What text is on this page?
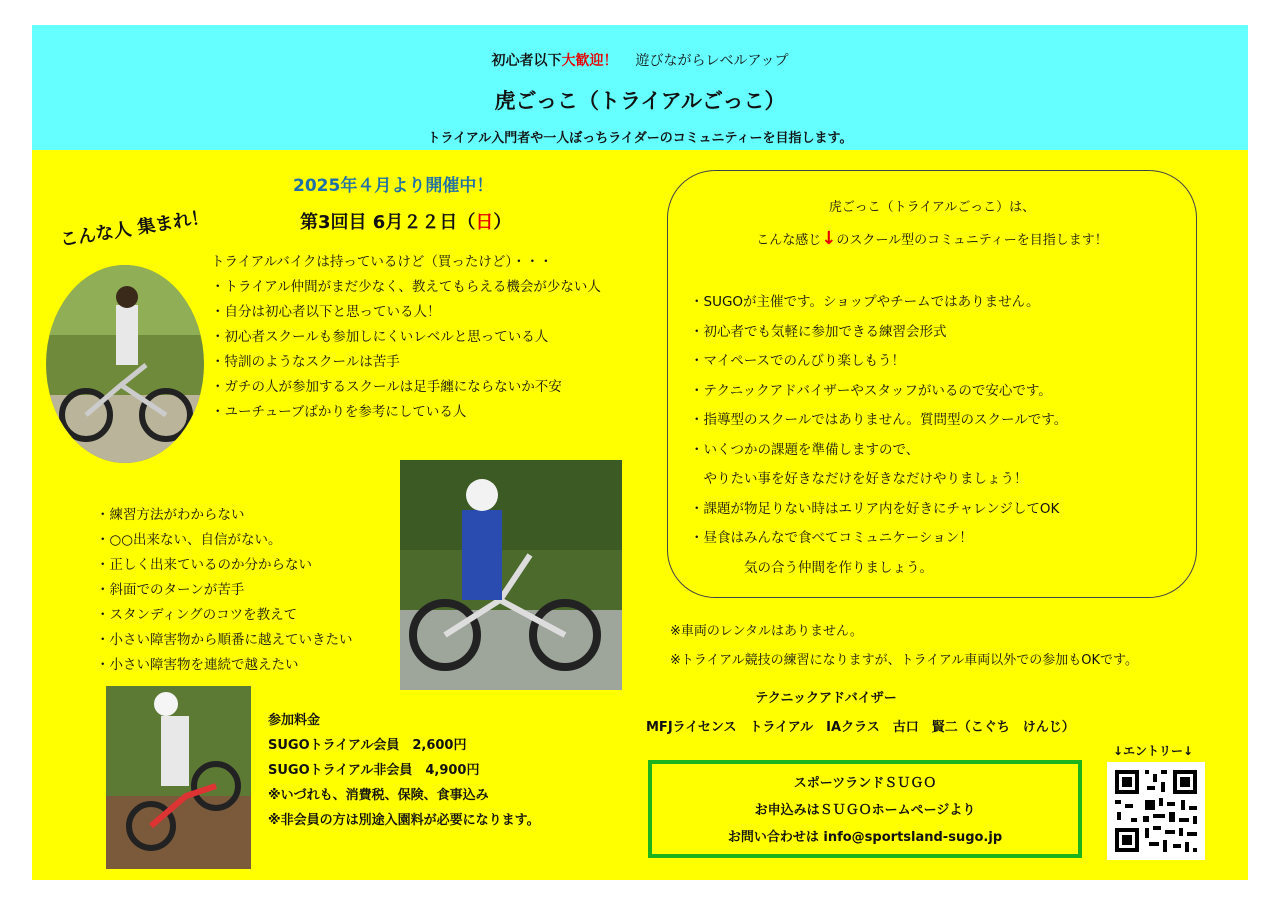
初心者以下大歓迎！ 遊びながらレベルアップ
虎ごっこ（トライアルごっこ）
トライアル入門者や一人ぼっちライダーのコミュニティーを目指します。
2025年４月より開催中！
第3回目 6月２２日（日）
こんな人 集まれ！
トライアルバイクは持っているけど（買ったけど）・・・
・トライアル仲間がまだ少なく、教えてもらえる機会が少ない人
・自分は初心者以下と思っている人！
・初心者スクールも参加しにくいレベルと思っている人
・特訓のようなスクールは苦手
・ガチの人が参加するスクールは足手纏にならないか不安
・ユーチューブばかりを参考にしている人
・練習方法がわからない
・○○出来ない、自信がない。
・正しく出来ているのか分からない
・斜面でのターンが苦手
・スタンディングのコツを教えて
・小さい障害物から順番に越えていきたい
・小さい障害物を連続で越えたい
参加料金
SUGOトライアル会員　2,600円
SUGOトライアル非会員　4,900円
※いづれも、消費税、保険、食事込み
※非会員の方は別途入園料が必要になります。
虎ごっこ（トライアルごっこ）は、
こんな感じ↓のスクール型のコミュニティーを目指します！
・SUGOが主催です。ショップやチームではありません。
・初心者でも気軽に参加できる練習会形式
・マイペースでのんびり楽しもう！
・テクニックアドバイザーやスタッフがいるので安心です。
・指導型のスクールではありません。質問型のスクールです。
・いくつかの課題を準備しますので、
　やりたい事を好きなだけを好きなだけやりましょう！
・課題が物足りない時はエリア内を好きにチャレンジしてOK
・昼食はみんなで食べてコミュニケーション！
　　　　気の合う仲間を作りましょう。
※車両のレンタルはありません。
※トライアル競技の練習になりますが、トライアル車両以外での参加もOKです。
テクニックアドバイザー
MFJライセンス　トライアル　IAクラス　古口　賢二（こぐち　けんじ）
スポーツランドＳＵＧＯ
お申込みはＳＵＧＯホームページより
お問い合わせは info@sportsland-sugo.jp
↓エントリー↓
